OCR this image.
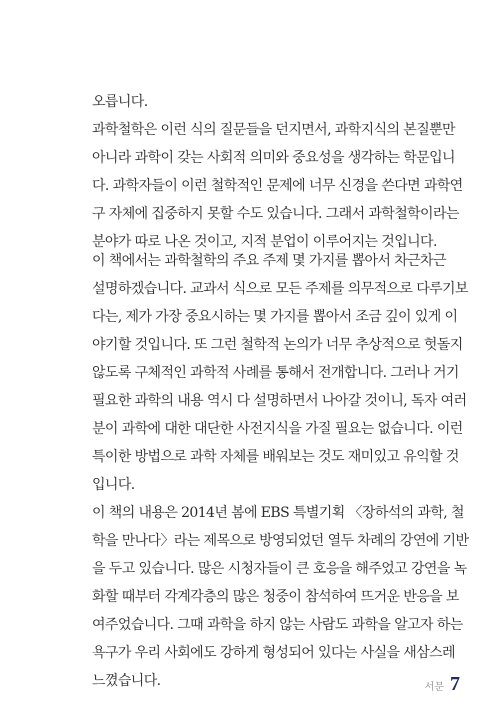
오릅니다.
과학철학은 이런 식의 질문들을 던지면서, 과학지식의 본질뿐만
아니라 과학이 갖는 사회적 의미와 중요성을 생각하는 학문입니
다. 과학자들이 이런 철학적인 문제에 너무 신경을 쓴다면 과학연
구 자체에 집중하지 못할 수도 있습니다. 그래서 과학철학이라는
분야가 따로 나온 것이고, 지적 분업이 이루어지는 것입니다.
이 책에서는 과학철학의 주요 주제 몇 가지를 뽑아서 차근차근
설명하겠습니다. 교과서 식으로 모든 주제를 의무적으로 다루기보
다는, 제가 가장 중요시하는 몇 가지를 뽑아서 조금 깊이 있게 이
야기할 것입니다. 또 그런 철학적 논의가 너무 추상적으로 헛돌지
않도록 구체적인 과학적 사례를 통해서 전개합니다. 그러나 거기
필요한 과학의 내용 역시 다 설명하면서 나아갈 것이니, 독자 여러
분이 과학에 대한 대단한 사전지식을 가질 필요는 없습니다. 이런
특이한 방법으로 과학 자체를 배워보는 것도 재미있고 유익할 것
입니다.
이 책의 내용은 2014년 봄에 EBS 특별기획 〈장하석의 과학, 철
학을 만나다〉라는 제목으로 방영되었던 열두 차례의 강연에 기반
을 두고 있습니다. 많은 시청자들이 큰 호응을 해주었고 강연을 녹
화할 때부터 각계각층의 많은 청중이 참석하여 뜨거운 반응을 보
여주었습니다. 그때 과학을 하지 않는 사람도 과학을 알고자 하는
욕구가 우리 사회에도 강하게 형성되어 있다는 사실을 새삼스레
느꼈습니다.	서문 7
